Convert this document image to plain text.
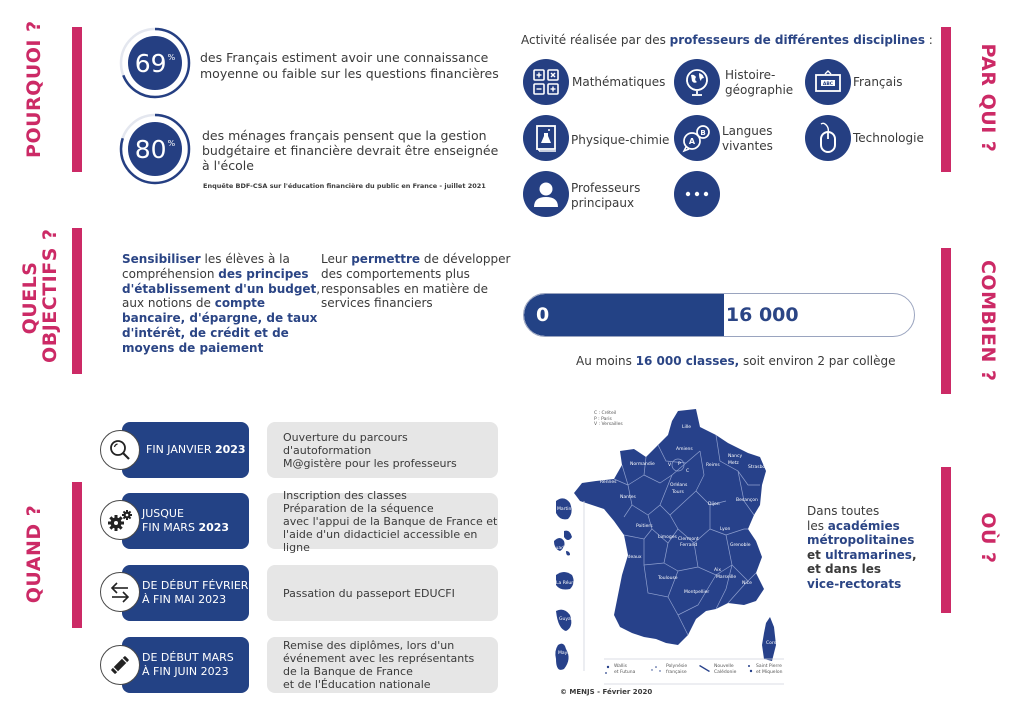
POURQUOI ?	69% des Français estiment avoir une connaissance
moyenne ou faible sur les questions financières
80% des ménages français pensent que la gestion
budgétaire et financière devrait être enseignée
à l'école
Enquête BDF-CSA sur l'éducation financière du public en France - juillet 2021
Activité réalisée par des professeurs de différentes disciplines :
Mathématiques	Histoire-
géographie	ABC Français
Physique-chimie A
B Langues
vivantes
Technologie
Professeurs
principaux
PAR QUI ?
QUELS
OBJECTIFS ?	Sensibiliser les élèves à la
compréhension des principes
d'établissement d'un budget,
aux notions de compte
bancaire, d'épargne, de taux
d'intérêt, de crédit et de
moyens de paiement
Leur permettre de développer
des comportements plus
responsables en matière de
services financiers
0	16 000
Au moins 16 000 classes, soit environ 2 par collège	COMBIEN ?
QUAND ?
FIN JANVIER 2023
Ouverture du parcours d'autoformation
M@gistère pour les professeurs
JUSQUE
FIN MARS 2023
Inscription des classes
Préparation de la séquence
avec l'appui de la Banque de France et
l'aide d'un didacticiel accessible en ligne
DE DÉBUT FÉVRIER
À FIN MAI 2023	Passation du passeport EDUCFI
DE DÉBUT MARS
À FIN JUIN 2023
Remise des diplômes, lors d'un
événement avec les représentants
de la Banque de France
et de l'Éducation nationale
C : Créteil
P : Paris
V : Versailles
Lille
Amiens
Normandie	Reims
Nancy
Metz
Strasbourg
Rennes
Nantes
Orléans
Tours
Dijon
Besançon
Poitiers
Limoges Clermont
Ferrand
Lyon
Grenoble
Bordeaux
Toulouse
Montpellier
Aix
Marseille
Nice
Corse
V P
C
Martinique
Guadeloupe
La Réunion
Guyane
Mayotte
Wallis
et Futuna
Polynésie
française
Nouvelle
Calédonie
Saint Pierre
et Miquelon
© MENJS - Février 2020
Dans toutes
les académies
métropolitaines
et ultramarines,
et dans les
vice-rectorats
OÙ ?
